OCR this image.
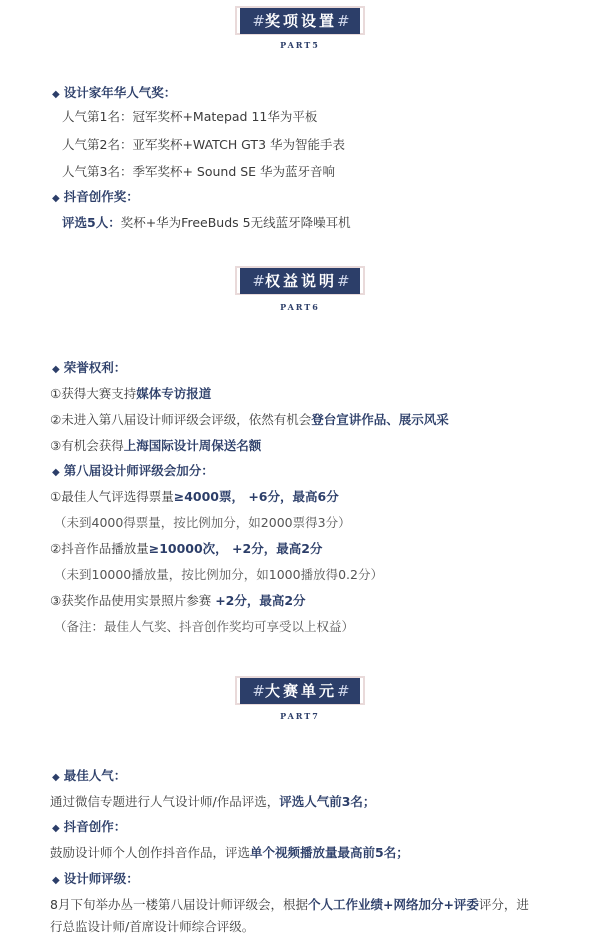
#奖项设置#
PART5
◆ 设计家年华人气奖：
人气第1名：冠军奖杯+Matepad 11华为平板
人气第2名：亚军奖杯+WATCH GT3 华为智能手表
人气第3名：季军奖杯+ Sound SE 华为蓝牙音响
◆ 抖音创作奖：
评选5人：奖杯+华为FreeBuds 5无线蓝牙降噪耳机
#权益说明#
PART6
◆ 荣誉权利：
①获得大赛支持媒体专访报道
②未进入第八届设计师评级会评级，依然有机会登台宣讲作品、展示风采
③有机会获得上海国际设计周保送名额
◆ 第八届设计师评级会加分：
①最佳人气评选得票量≥4000票， +6分，最高6分
（未到4000得票量，按比例加分，如2000票得3分）
②抖音作品播放量≥10000次， +2分，最高2分
（未到10000播放量，按比例加分，如1000播放得0.2分）
③获奖作品使用实景照片参赛 +2分，最高2分
（备注：最佳人气奖、抖音创作奖均可享受以上权益）
#大赛单元#
PART7
◆ 最佳人气：
通过微信专题进行人气设计师/作品评选，评选人气前3名；
◆ 抖音创作：
鼓励设计师个人创作抖音作品，评选单个视频播放量最高前5名；
◆ 设计师评级：
8月下旬举办丛一楼第八届设计师评级会，根据个人工作业绩+网络加分+评委评分，进
行总监设计师/首席设计师综合评级。
